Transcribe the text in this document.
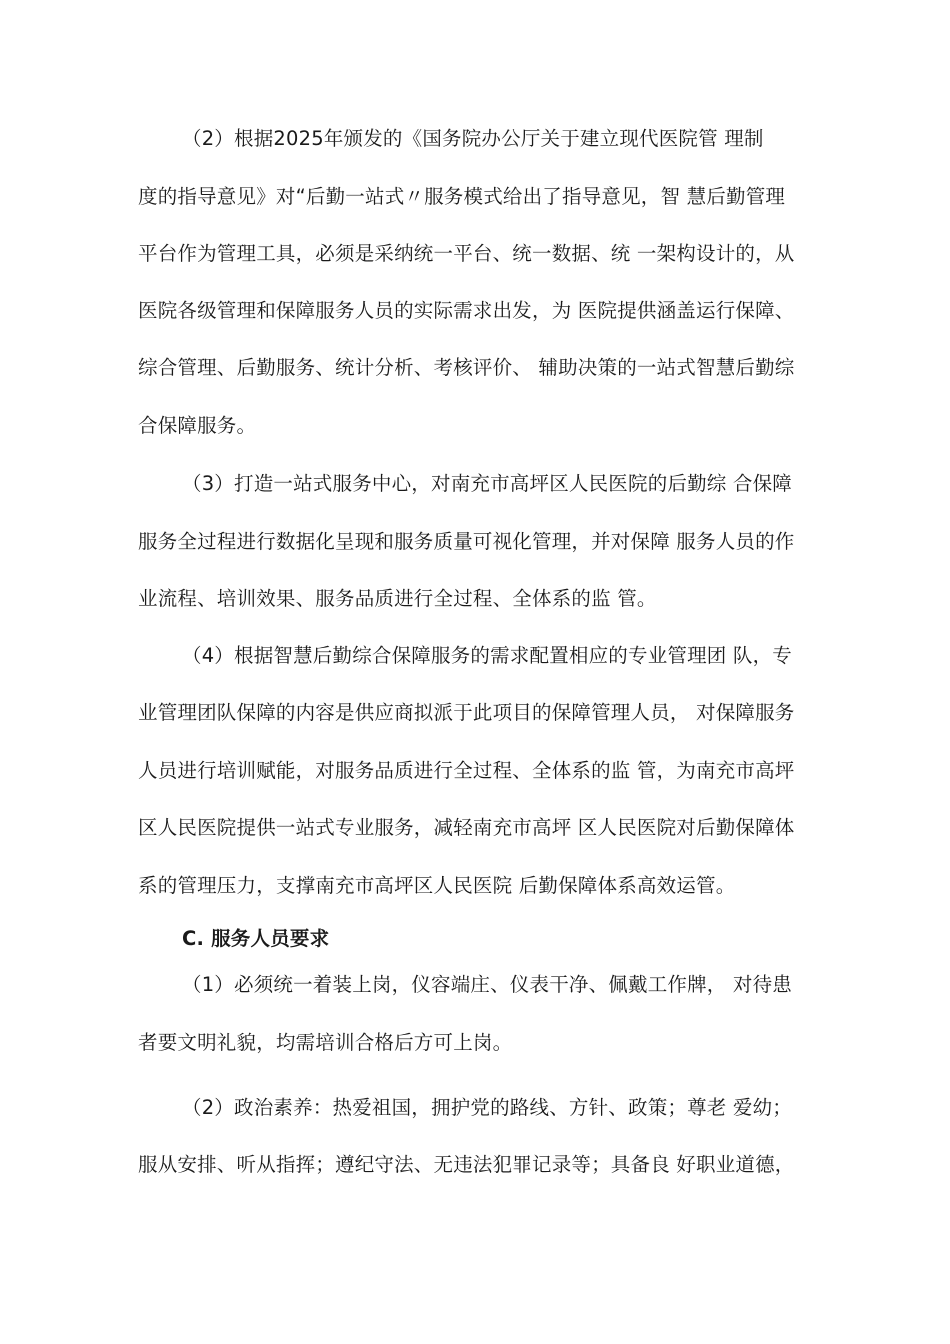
（2）根据2025年颁发的《国务院办公厅关于建立现代医院管 理制
度的指导意见》对“后勤一站式〃服务模式给出了指导意见，智 慧后勤管理
平台作为管理工具，必须是采纳统一平台、统一数据、统 一架构设计的，从
医院各级管理和保障服务人员的实际需求出发，为 医院提供涵盖运行保障、
综合管理、后勤服务、统计分析、考核评价、 辅助决策的一站式智慧后勤综
合保障服务。
（3）打造一站式服务中心，对南充市高坪区人民医院的后勤综 合保障
服务全过程进行数据化呈现和服务质量可视化管理，并对保障 服务人员的作
业流程、培训效果、服务品质进行全过程、全体系的监 管。
（4）根据智慧后勤综合保障服务的需求配置相应的专业管理团 队，专
业管理团队保障的内容是供应商拟派于此项目的保障管理人员， 对保障服务
人员进行培训赋能，对服务品质进行全过程、全体系的监 管，为南充市高坪
区人民医院提供一站式专业服务，减轻南充市高坪 区人民医院对后勤保障体
系的管理压力，支撑南充市高坪区人民医院 后勤保障体系高效运管。
C. 服务人员要求
（1）必须统一着装上岗，仪容端庄、仪表干净、佩戴工作牌， 对待患
者要文明礼貌，均需培训合格后方可上岗。
（2）政治素养：热爱祖国，拥护党的路线、方针、政策；尊老 爱幼；
服从安排、听从指挥；遵纪守法、无违法犯罪记录等；具备良 好职业道德，
